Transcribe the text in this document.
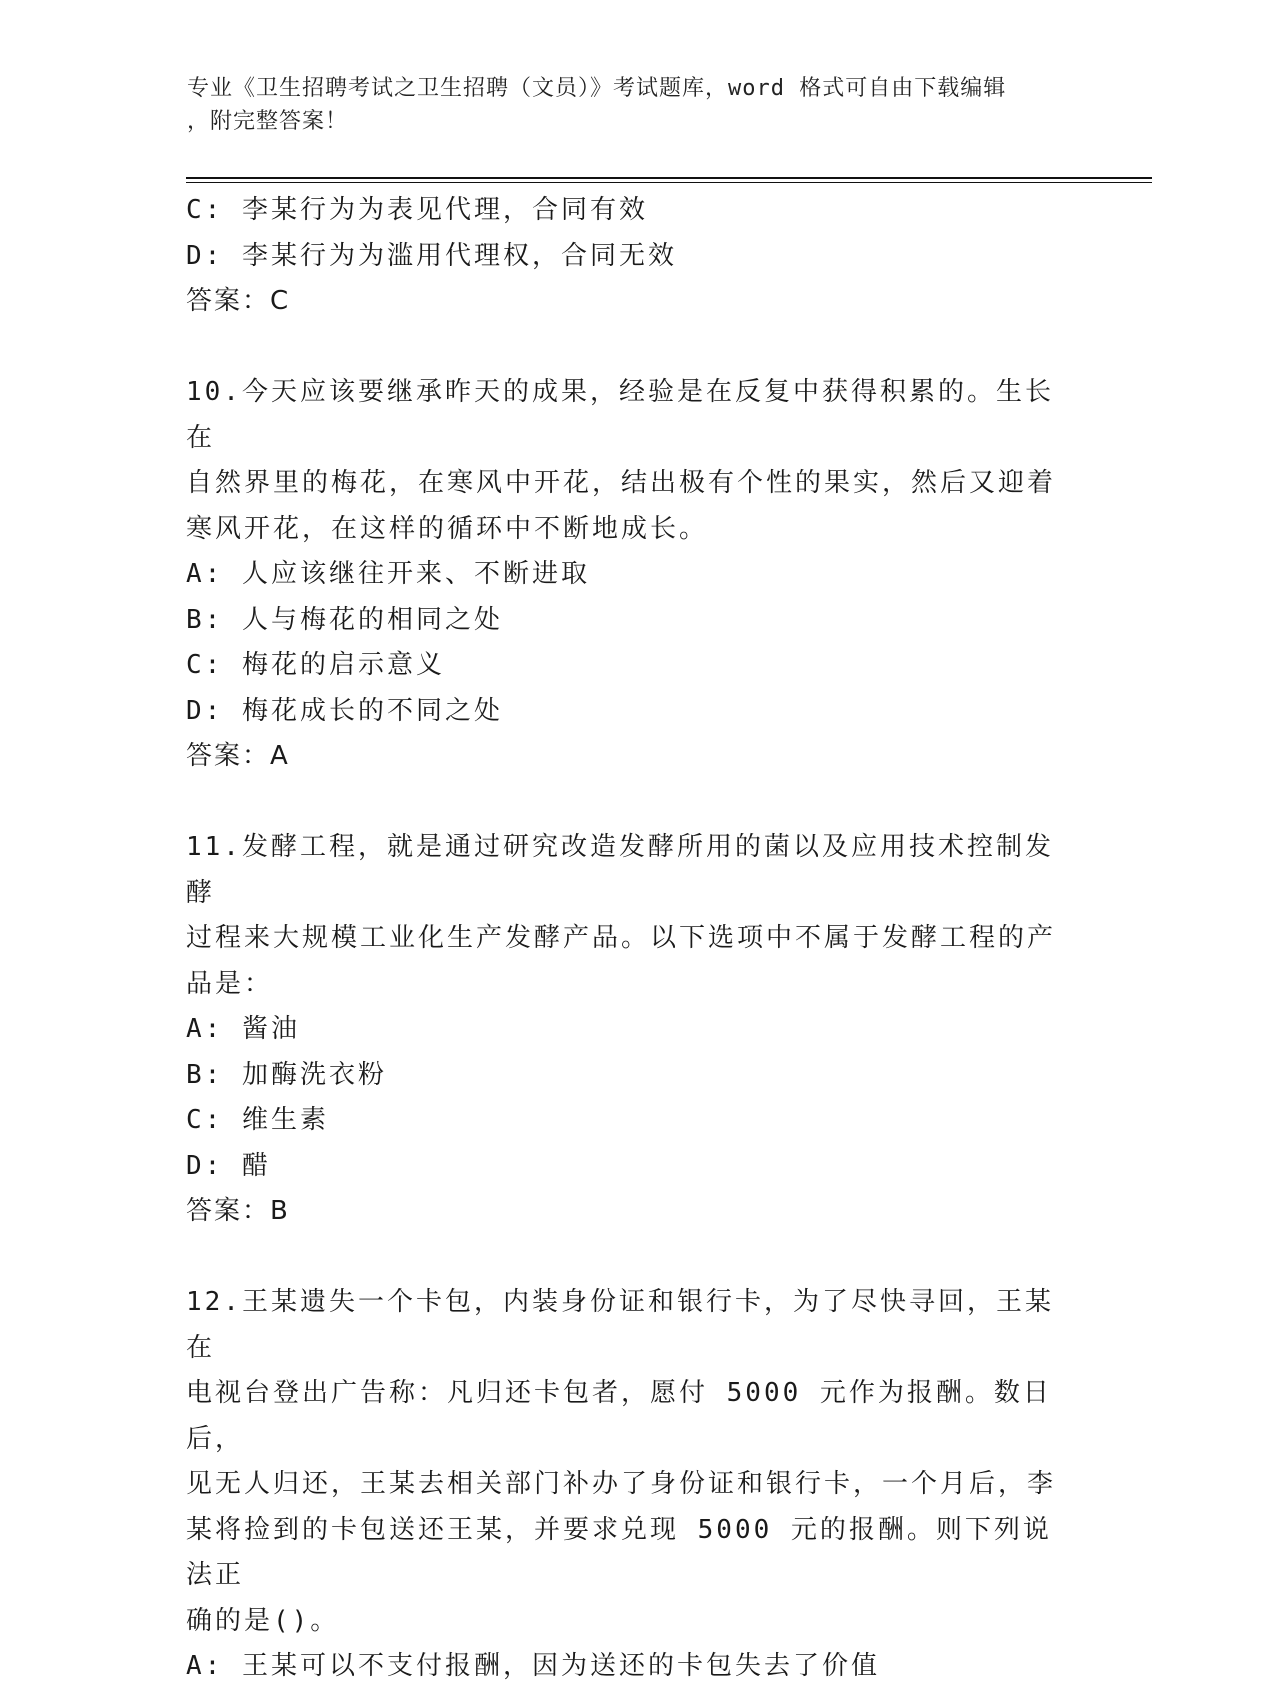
专业《卫生招聘考试之卫生招聘（文员）》考试题库，word 格式可自由下载编辑
，附完整答案！

C: 李某行为为表见代理，合同有效

D: 李某行为为滥用代理权，合同无效

答案：C

10.今天应该要继承昨天的成果，经验是在反复中获得积累的。生长在

自然界里的梅花，在寒风中开花，结出极有个性的果实，然后又迎着

寒风开花，在这样的循环中不断地成长。

A: 人应该继往开来、不断进取

B: 人与梅花的相同之处

C: 梅花的启示意义

D: 梅花成长的不同之处

答案：A

11.发酵工程，就是通过研究改造发酵所用的菌以及应用技术控制发酵

过程来大规模工业化生产发酵产品。以下选项中不属于发酵工程的产

品是：

A: 酱油

B: 加酶洗衣粉

C: 维生素

D: 醋

答案：B

12.王某遗失一个卡包，内装身份证和银行卡，为了尽快寻回，王某在

电视台登出广告称：凡归还卡包者，愿付 5000 元作为报酬。数日后，

见无人归还，王某去相关部门补办了身份证和银行卡，一个月后，李

某将捡到的卡包送还王某，并要求兑现 5000 元的报酬。则下列说法正

确的是()。

A: 王某可以不支付报酬，因为送还的卡包失去了价值
